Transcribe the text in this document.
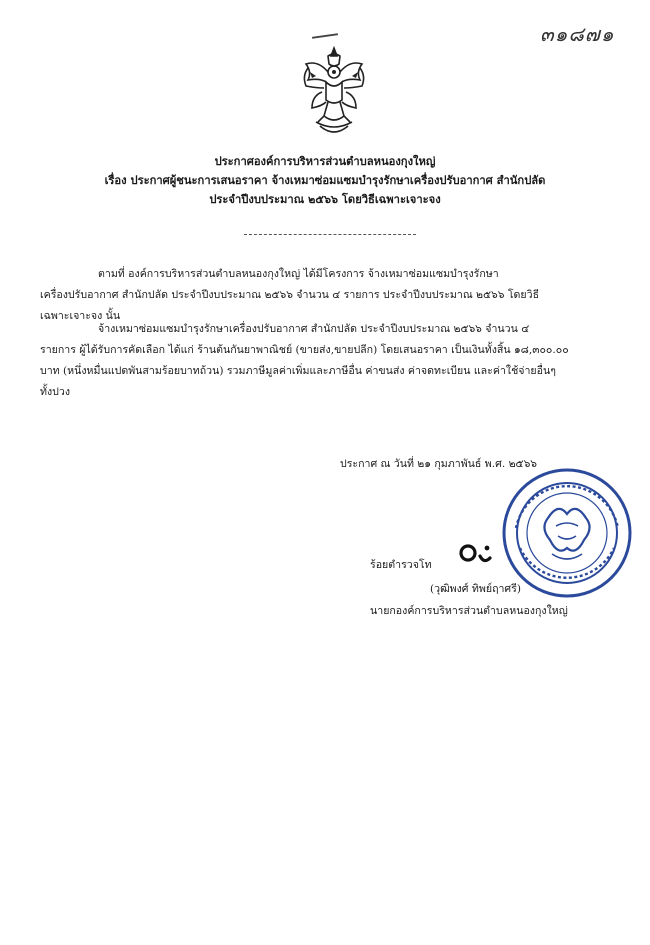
๓๑๘๗๑
ประกาศองค์การบริหารส่วนตำบลหนองกุงใหญ่
เรื่อง ประกาศผู้ชนะการเสนอราคา จ้างเหมาซ่อมแซมบำรุงรักษาเครื่องปรับอากาศ สำนักปลัด
ประจำปีงบประมาณ ๒๕๖๖ โดยวิธีเฉพาะเจาะจง
ตามที่ องค์การบริหารส่วนตำบลหนองกุงใหญ่ ได้มีโครงการ จ้างเหมาซ่อมแซมบำรุงรักษา
เครื่องปรับอากาศ สำนักปลัด ประจำปีงบประมาณ ๒๕๖๖ จำนวน ๔ รายการ ประจำปีงบประมาณ ๒๕๖๖ โดยวิธี
เฉพาะเจาะจง นั้น
จ้างเหมาซ่อมแซมบำรุงรักษาเครื่องปรับอากาศ สำนักปลัด ประจำปีงบประมาณ ๒๕๖๖ จำนวน ๔
รายการ ผู้ได้รับการคัดเลือก ได้แก่ ร้านต้นกันยาพาณิชย์ (ขายส่ง,ขายปลีก) โดยเสนอราคา เป็นเงินทั้งสิ้น ๑๘,๓๐๐.๐๐
บาท (หนึ่งหมื่นแปดพันสามร้อยบาทถ้วน) รวมภาษีมูลค่าเพิ่มและภาษีอื่น ค่าขนส่ง ค่าจดทะเบียน และค่าใช้จ่ายอื่นๆ
ทั้งปวง
ประกาศ ณ วันที่ ๒๑ กุมภาพันธ์ พ.ศ. ๒๕๖๖
ร้อยตำรวจโท
(วุฒิพงศ์ ทิพย์ฤาศรี)
นายกองค์การบริหารส่วนตำบลหนองกุงใหญ่
